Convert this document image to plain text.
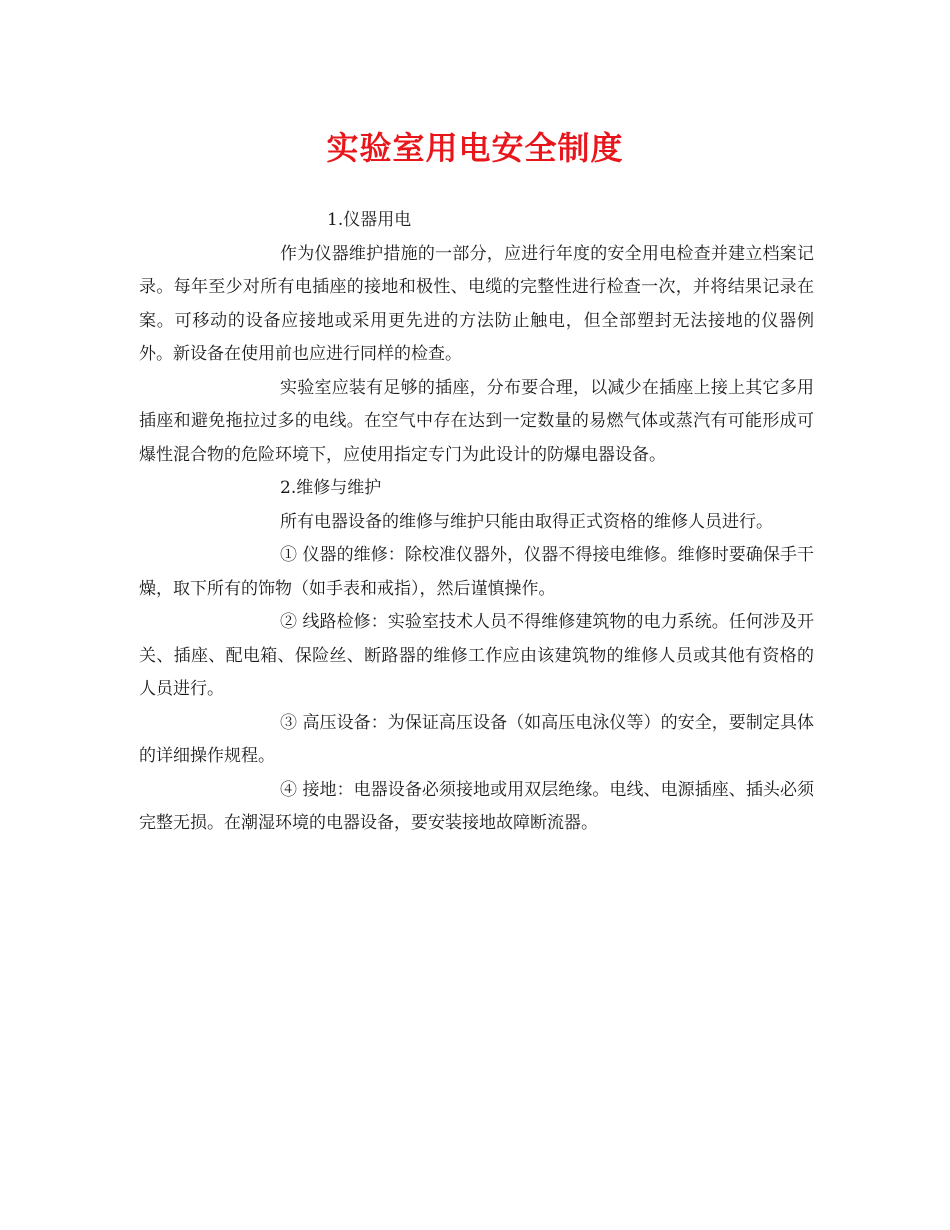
实验室用电安全制度

1.仪器用电

作为仪器维护措施的一部分，应进行年度的安全用电检查并建立档案记录。每年至少对所有电插座的接地和极性、电缆的完整性进行检查一次，并将结果记录在案。可移动的设备应接地或采用更先进的方法防止触电，但全部塑封无法接地的仪器例外。新设备在使用前也应进行同样的检查。

实验室应装有足够的插座，分布要合理，以减少在插座上接上其它多用插座和避免拖拉过多的电线。在空气中存在达到一定数量的易燃气体或蒸汽有可能形成可爆性混合物的危险环境下，应使用指定专门为此设计的防爆电器设备。

2.维修与维护

所有电器设备的维修与维护只能由取得正式资格的维修人员进行。

① 仪器的维修：除校准仪器外，仪器不得接电维修。维修时要确保手干燥，取下所有的饰物（如手表和戒指），然后谨慎操作。

② 线路检修：实验室技术人员不得维修建筑物的电力系统。任何涉及开关、插座、配电箱、保险丝、断路器的维修工作应由该建筑物的维修人员或其他有资格的人员进行。

③ 高压设备：为保证高压设备（如高压电泳仪等）的安全，要制定具体的详细操作规程。

④ 接地：电器设备必须接地或用双层绝缘。电线、电源插座、插头必须完整无损。在潮湿环境的电器设备，要安装接地故障断流器。
